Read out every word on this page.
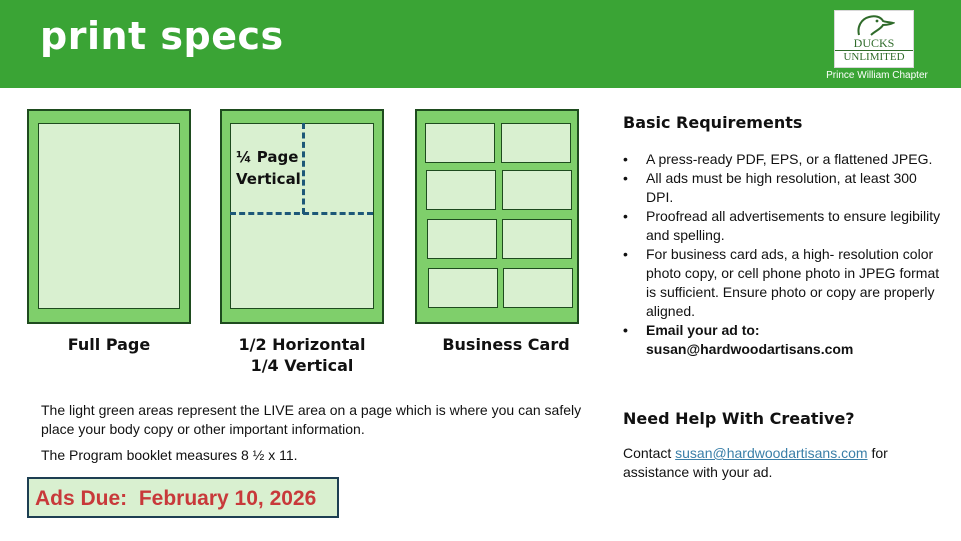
print specs	DUCKS
UNLIMITED
Prince William Chapter
Full Page
¼ Page
Vertical
1/2 Horizontal
1/4 Vertical
Business Card
The light green areas represent the LIVE area on a page which is where you can safely place your body copy or other important information.
The Program booklet measures 8 ½ x 11.
Ads Due:  February 10, 2026
Basic Requirements
• A press-ready PDF, EPS, or a flattened JPEG.
• All ads must be high resolution, at least 300 DPI.
• Proofread all advertisements to ensure legibility and spelling.
• For business card ads, a high- resolution color photo copy, or cell phone photo in JPEG format is sufficient. Ensure photo or copy are properly aligned.
• Email your ad to:
susan@hardwoodartisans.com
Need Help With Creative?
Contact susan@hardwoodartisans.com for assistance with your ad.
